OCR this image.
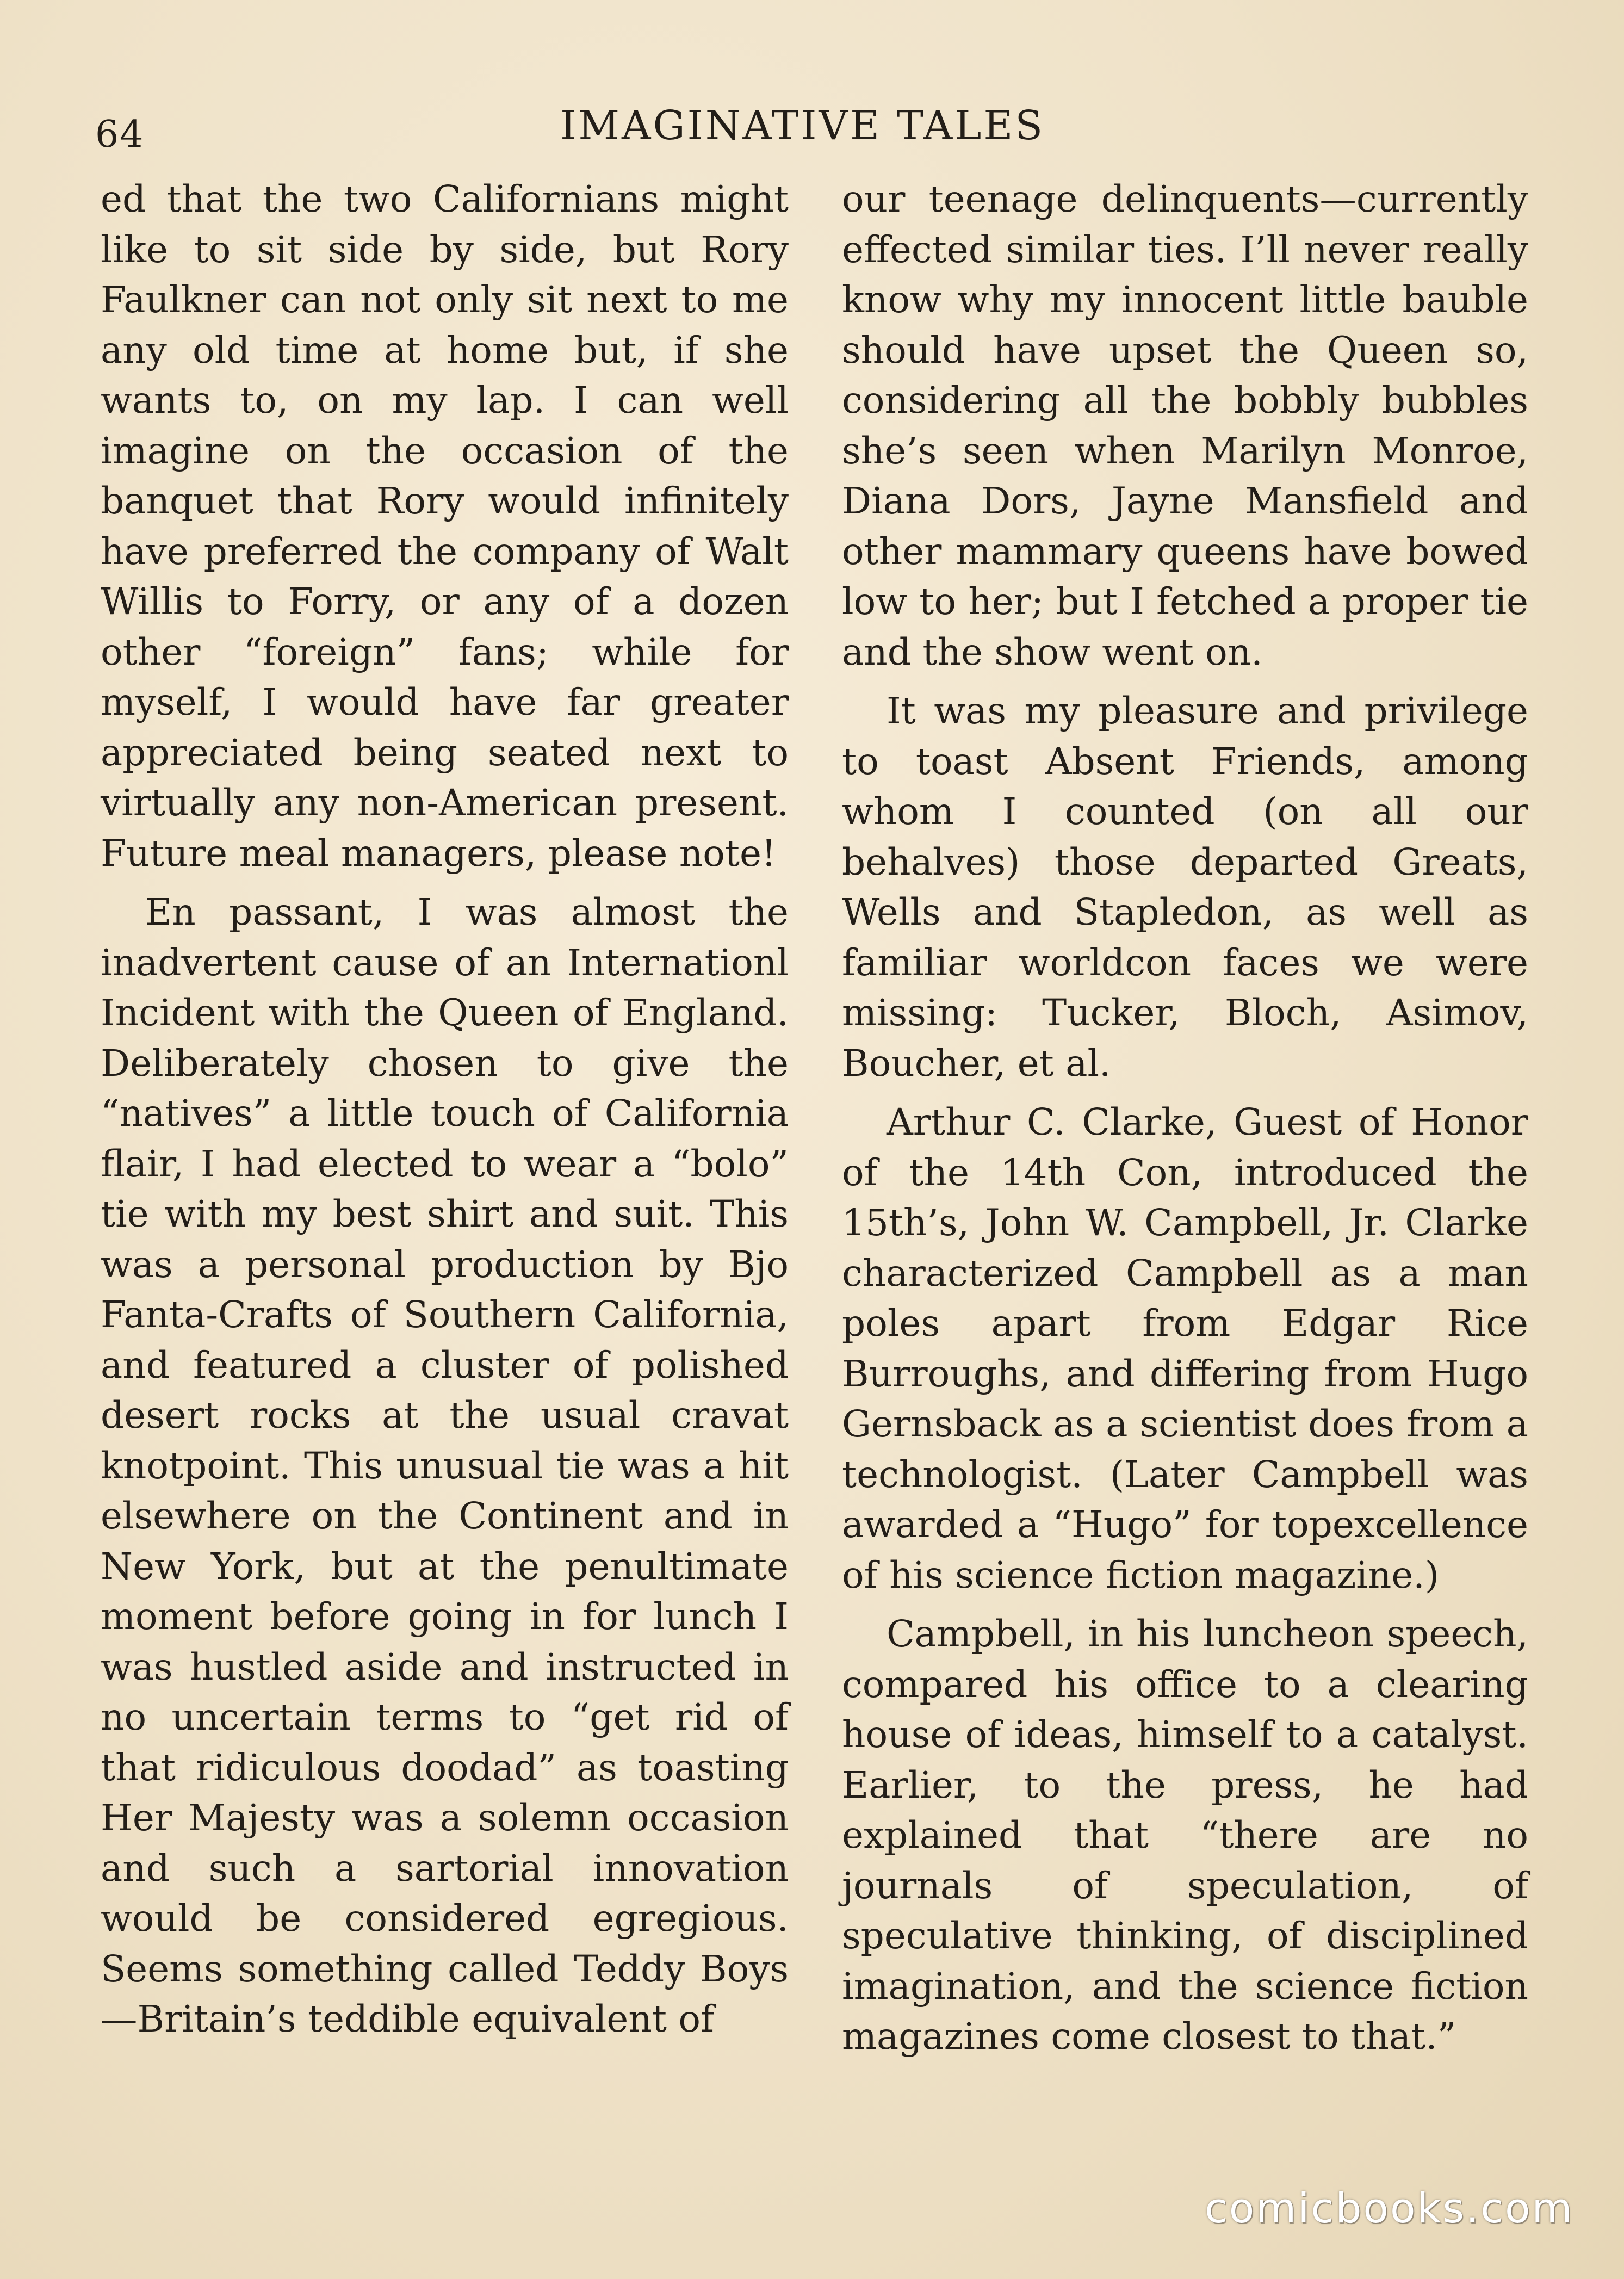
64	IMAGINATIVE TALES

ed that the two Californians might like to sit side by side, but Rory Faulkner can not only sit next to me any old time at home but, if she wants to, on my lap. I can well imagine on the occasion of the banquet that Rory would infinitely have preferred the company of Walt Willis to Forry, or any of a dozen other “foreign” fans; while for myself, I would have far greater appreciated being seated next to virtually any non-American present. Future meal managers, please note!

En passant, I was almost the inadvertent cause of an Internationl Incident with the Queen of England. Deliberately chosen to give the “natives” a little touch of California flair, I had elected to wear a “bolo” tie with my best shirt and suit. This was a personal production by Bjo Fanta-Crafts of Southern California, and featured a cluster of polished desert rocks at the usual cravat knotpoint. This unusual tie was a hit elsewhere on the Continent and in New York, but at the penultimate moment before going in for lunch I was hustled aside and instructed in no uncertain terms to “get rid of that ridiculous doodad” as toasting Her Majesty was a solemn occasion and such a sartorial innovation would be considered egregious. Seems something called Teddy Boys —Britain’s teddible equivalent of

our teenage delinquents—currently effected similar ties. I’ll never really know why my innocent little bauble should have upset the Queen so, considering all the bobbly bubbles she’s seen when Marilyn Monroe, Diana Dors, Jayne Mansfield and other mammary queens have bowed low to her; but I fetched a proper tie and the show went on.

It was my pleasure and privilege to toast Absent Friends, among whom I counted (on all our behalves) those departed Greats, Wells and Stapledon, as well as familiar worldcon faces we were missing: Tucker, Bloch, Asimov, Boucher, et al.

Arthur C. Clarke, Guest of Honor of the 14th Con, introduced the 15th’s, John W. Campbell, Jr. Clarke characterized Campbell as a man poles apart from Edgar Rice Burroughs, and differing from Hugo Gernsback as a scientist does from a technologist. (Later Campbell was awarded a “Hugo” for topexcellence of his science fiction magazine.)

Campbell, in his luncheon speech, compared his office to a clearing house of ideas, himself to a catalyst. Earlier, to the press, he had explained that “there are no journals of speculation, of speculative thinking, of disciplined imagination, and the science fiction magazines come closest to that.”

comicbooks.com
